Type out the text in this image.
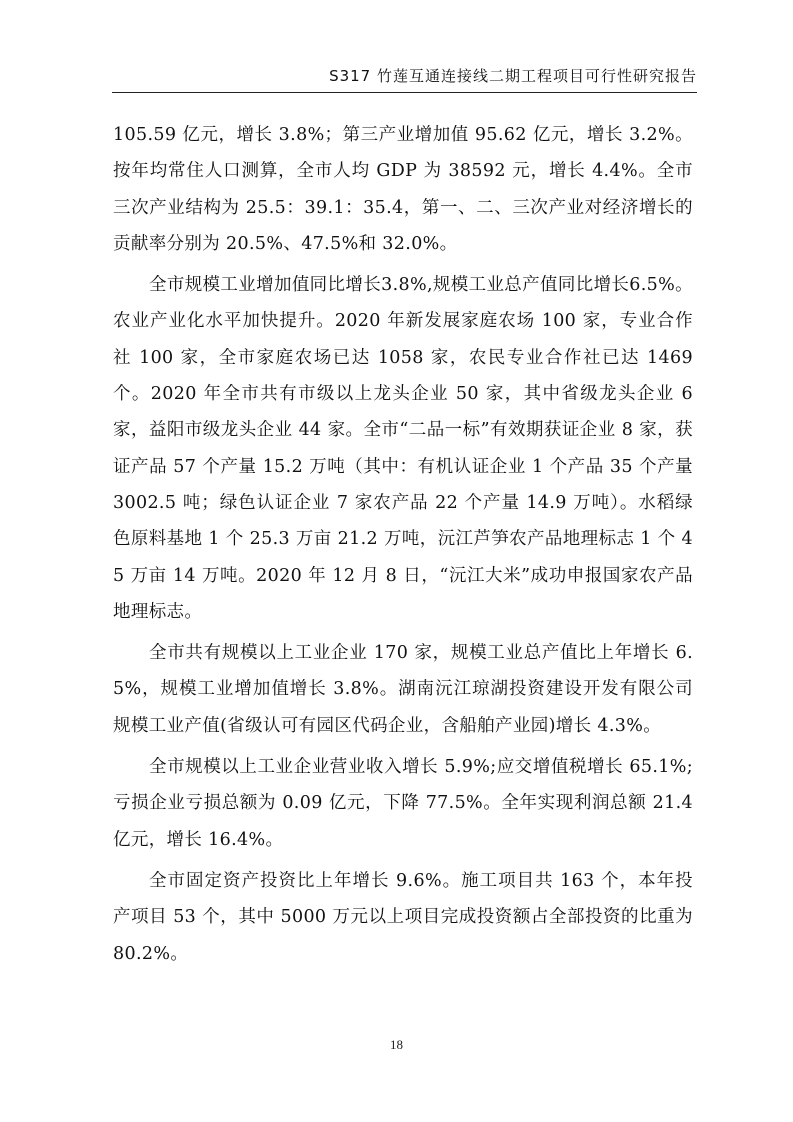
S317 竹莲互通连接线二期工程项目可行性研究报告

105.59 亿元，增长 3.8%；第三产业增加值 95.62 亿元，增长 3.2%。按年均常住人口测算，全市人均 GDP 为 38592 元，增长 4.4%。全市三次产业结构为 25.5：39.1：35.4，第一、二、三次产业对经济增长的贡献率分别为 20.5%、47.5%和 32.0%。

全市规模工业增加值同比增长3.8%,规模工业总产值同比增长6.5%。农业产业化水平加快提升。2020 年新发展家庭农场 100 家，专业合作社 100 家，全市家庭农场已达 1058 家，农民专业合作社已达 1469 个。2020 年全市共有市级以上龙头企业 50 家，其中省级龙头企业 6 家，益阳市级龙头企业 44 家。全市“二品一标”有效期获证企业 8 家，获证产品 57 个产量 15.2 万吨（其中：有机认证企业 1 个产品 35 个产量 3002.5 吨；绿色认证企业 7 家农产品 22 个产量 14.9 万吨）。水稻绿色原料基地 1 个 25.3 万亩 21.2 万吨，沅江芦笋农产品地理标志 1 个 45 万亩 14 万吨。2020 年 12 月 8 日，“沅江大米”成功申报国家农产品地理标志。

全市共有规模以上工业企业 170 家，规模工业总产值比上年增长 6.5%，规模工业增加值增长 3.8%。湖南沅江琼湖投资建设开发有限公司规模工业产值(省级认可有园区代码企业，含船舶产业园)增长 4.3%。

全市规模以上工业企业营业收入增长 5.9%;应交增值税增长 65.1%;亏损企业亏损总额为 0.09 亿元，下降 77.5%。全年实现利润总额 21.4 亿元，增长 16.4%。

全市固定资产投资比上年增长 9.6%。施工项目共 163 个，本年投产项目 53 个，其中 5000 万元以上项目完成投资额占全部投资的比重为 80.2%。

18
